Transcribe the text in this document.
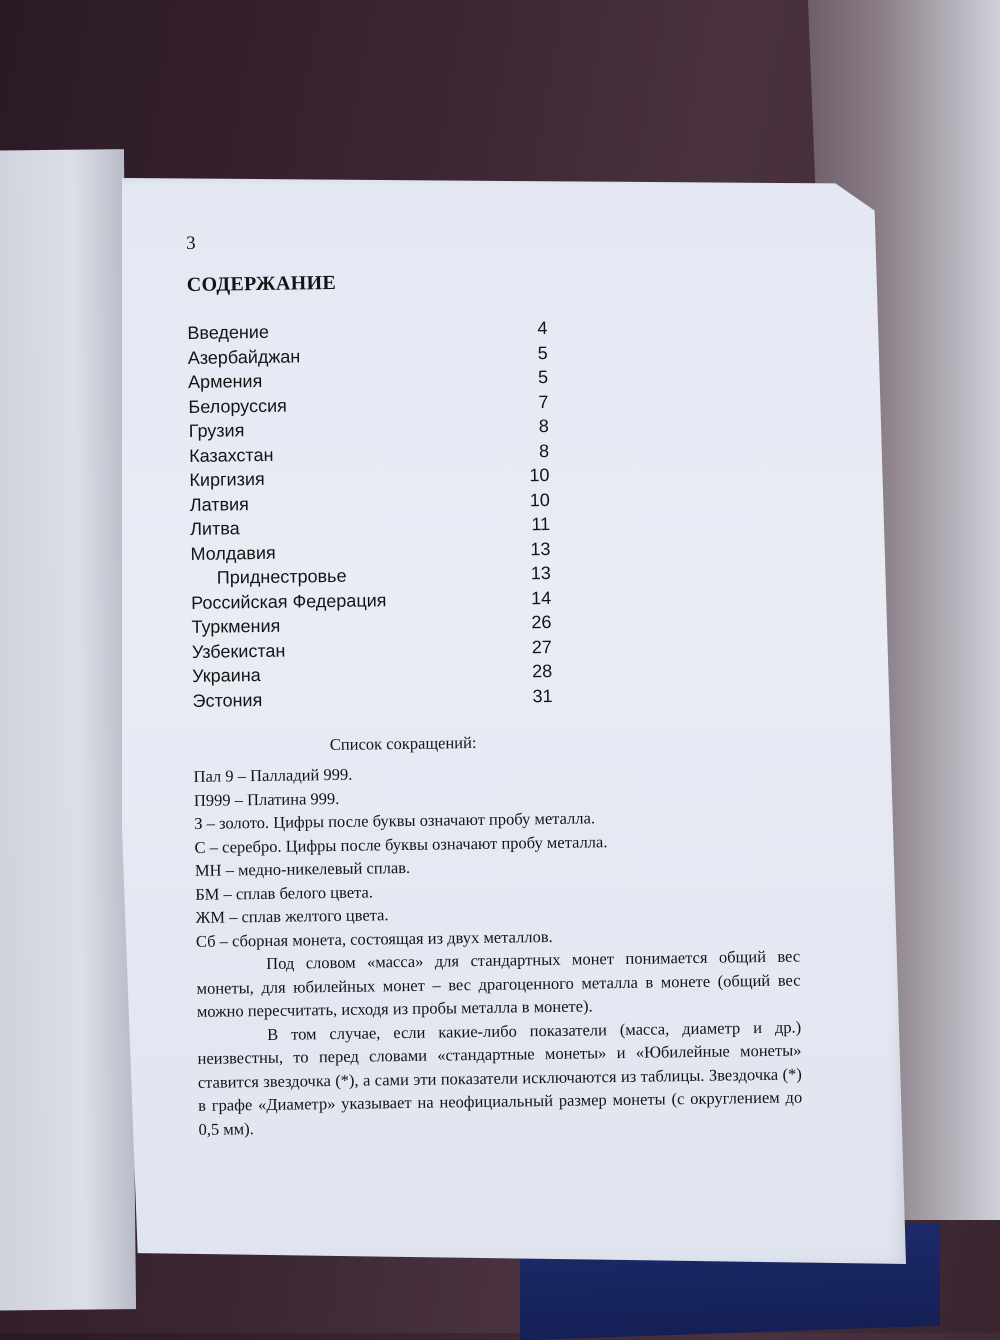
3

СОДЕРЖАНИЕ
Введение	4
Азербайджан	5
Армения	5
Белоруссия	7
Грузия	8
Казахстан	8
Киргизия	10
Латвия	10
Литва	11
Молдавия	13
Приднестровье	13
Российская Федерация	14
Туркмения	26
Узбекистан	27
Украина	28
Эстония	31

Список сокращений:

Пал 9 – Палладий 999.
П999 – Платина 999.
З – золото. Цифры после буквы означают пробу металла.
С – серебро. Цифры после буквы означают пробу металла.
МН – медно-никелевый сплав.
БМ – сплав белого цвета.
ЖМ – сплав желтого цвета.
Сб – сборная монета, состоящая из двух металлов.

Под словом «масса» для стандартных монет понимается общий вес монеты, для юбилейных монет – вес драгоценного металла в монете (общий вес можно пересчитать, исходя из пробы металла в монете).

В том случае, если какие-либо показатели (масса, диаметр и др.) неизвестны, то перед словами «стандартные монеты» и «Юбилейные монеты» ставится звездочка (*), а сами эти показатели исключаются из таблицы. Звездочка (*) в графе «Диаметр» указывает на неофициальный размер монеты (с округлением до 0,5 мм).
